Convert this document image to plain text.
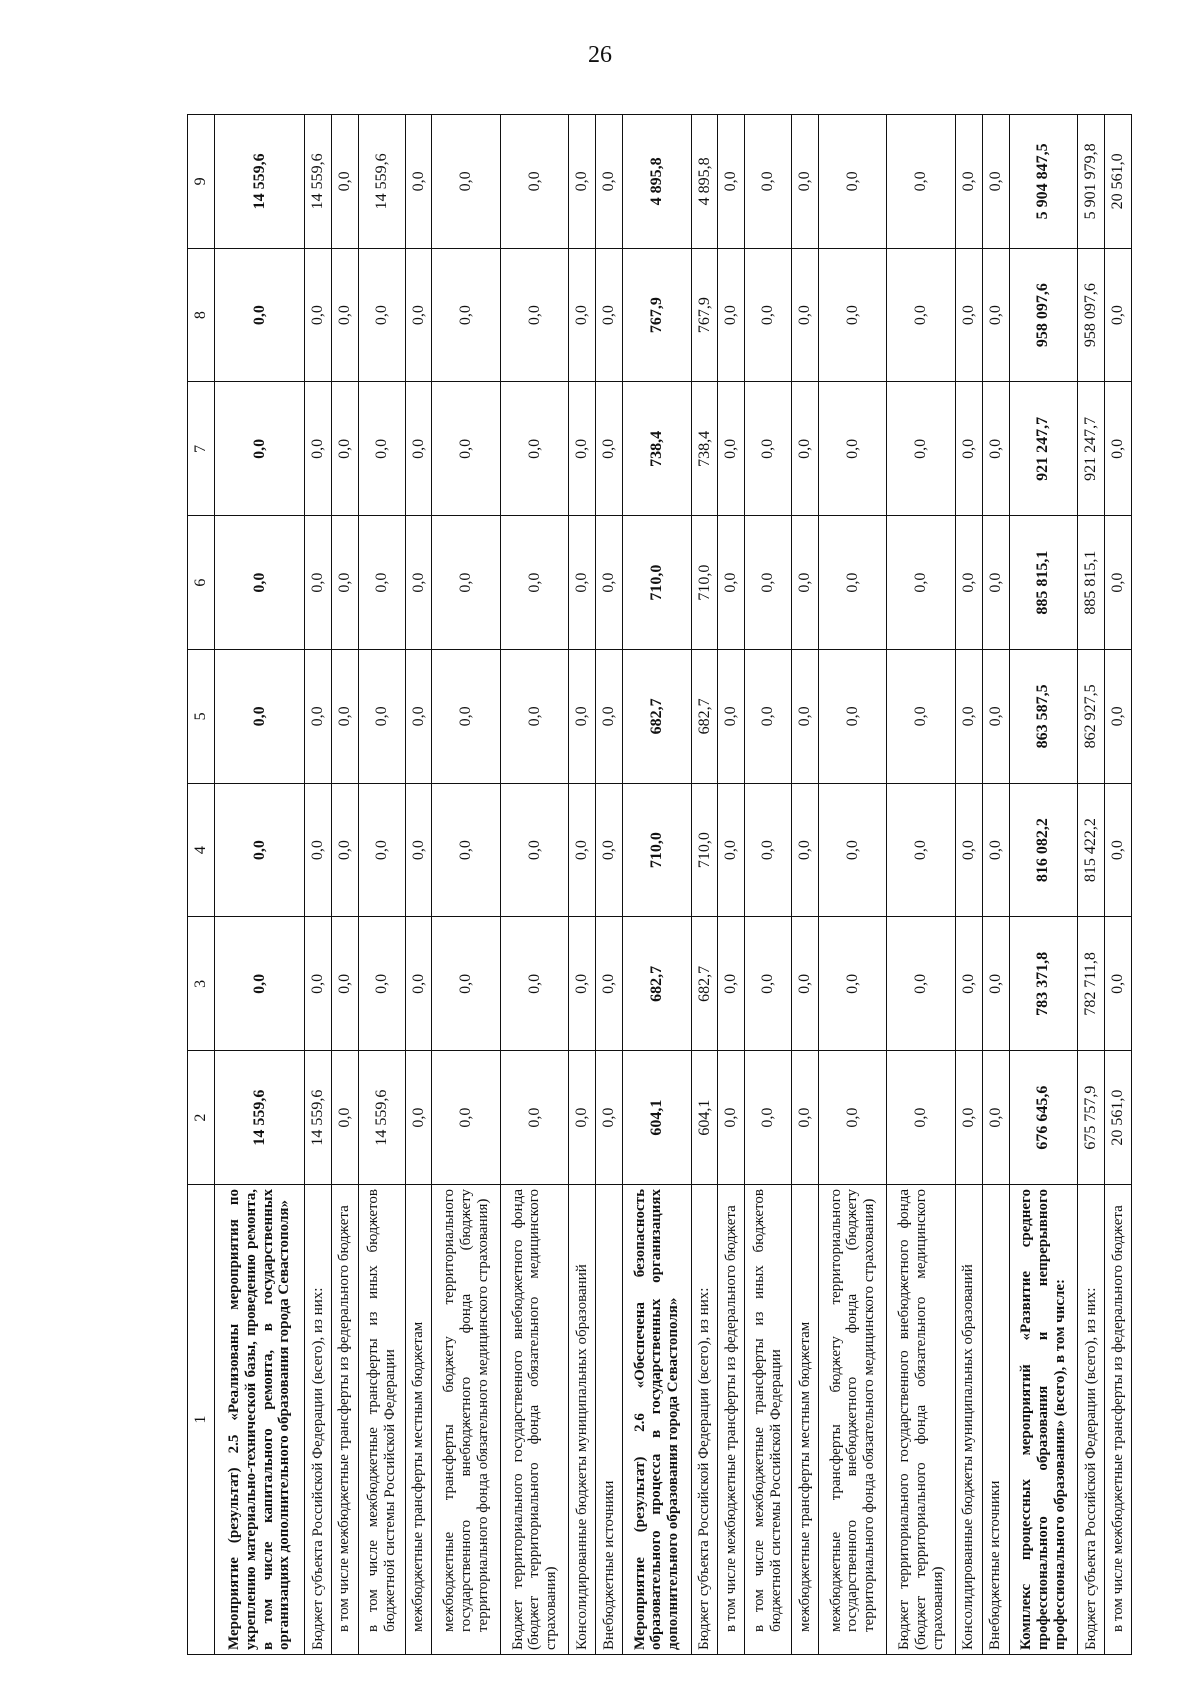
26
1	2	3	4	5	6	7	8	9
Мероприятие (результат) 2.5 «Реализованы мероприятия по укреплению материально-технической базы, проведению ремонта, в том числе капитального ремонта, в государственных организациях дополнительного образования города Севастополя»	14 559,6	0,0	0,0	0,0	0,0	0,0	0,0	14 559,6
Бюджет субъекта Российской Федерации (всего), из них:	14 559,6	0,0	0,0	0,0	0,0	0,0	0,0	14 559,6
в том числе межбюджетные трансферты из федерального бюджета	0,0	0,0	0,0	0,0	0,0	0,0	0,0	0,0
в том числе межбюджетные трансферты из иных бюджетов бюджетной системы Российской Федерации	14 559,6	0,0	0,0	0,0	0,0	0,0	0,0	14 559,6
межбюджетные трансферты местным бюджетам	0,0	0,0	0,0	0,0	0,0	0,0	0,0	0,0
межбюджетные трансферты бюджету территориального государственного внебюджетного фонда (бюджету территориального фонда обязательного медицинского страхования)	0,0	0,0	0,0	0,0	0,0	0,0	0,0	0,0
Бюджет территориального государственного внебюджетного фонда (бюджет территориального фонда обязательного медицинского страхования)	0,0	0,0	0,0	0,0	0,0	0,0	0,0	0,0
Консолидированные бюджеты муниципальных образований	0,0	0,0	0,0	0,0	0,0	0,0	0,0	0,0
Внебюджетные источники	0,0	0,0	0,0	0,0	0,0	0,0	0,0	0,0
Мероприятие (результат) 2.6 «Обеспечена безопасность образовательного процесса в государственных организациях дополнительного образования города Севастополя»	604,1	682,7	710,0	682,7	710,0	738,4	767,9	4 895,8
Бюджет субъекта Российской Федерации (всего), из них:	604,1	682,7	710,0	682,7	710,0	738,4	767,9	4 895,8
в том числе межбюджетные трансферты из федерального бюджета	0,0	0,0	0,0	0,0	0,0	0,0	0,0	0,0
в том числе межбюджетные трансферты из иных бюджетов бюджетной системы Российской Федерации	0,0	0,0	0,0	0,0	0,0	0,0	0,0	0,0
межбюджетные трансферты местным бюджетам	0,0	0,0	0,0	0,0	0,0	0,0	0,0	0,0
межбюджетные трансферты бюджету территориального государственного внебюджетного фонда (бюджету территориального фонда обязательного медицинского страхования)	0,0	0,0	0,0	0,0	0,0	0,0	0,0	0,0
Бюджет территориального государственного внебюджетного фонда (бюджет территориального фонда обязательного медицинского страхования)	0,0	0,0	0,0	0,0	0,0	0,0	0,0	0,0
Консолидированные бюджеты муниципальных образований	0,0	0,0	0,0	0,0	0,0	0,0	0,0	0,0
Внебюджетные источники	0,0	0,0	0,0	0,0	0,0	0,0	0,0	0,0
Комплекс процессных мероприятий «Развитие среднего профессионального образования и непрерывного профессионального образования» (всего), в том числе:	676 645,6	783 371,8	816 082,2	863 587,5	885 815,1	921 247,7	958 097,6	5 904 847,5
Бюджет субъекта Российской Федерации (всего), из них:	675 757,9	782 711,8	815 422,2	862 927,5	885 815,1	921 247,7	958 097,6	5 901 979,8
в том числе межбюджетные трансферты из федерального бюджета	20 561,0	0,0	0,0	0,0	0,0	0,0	0,0	20 561,0
